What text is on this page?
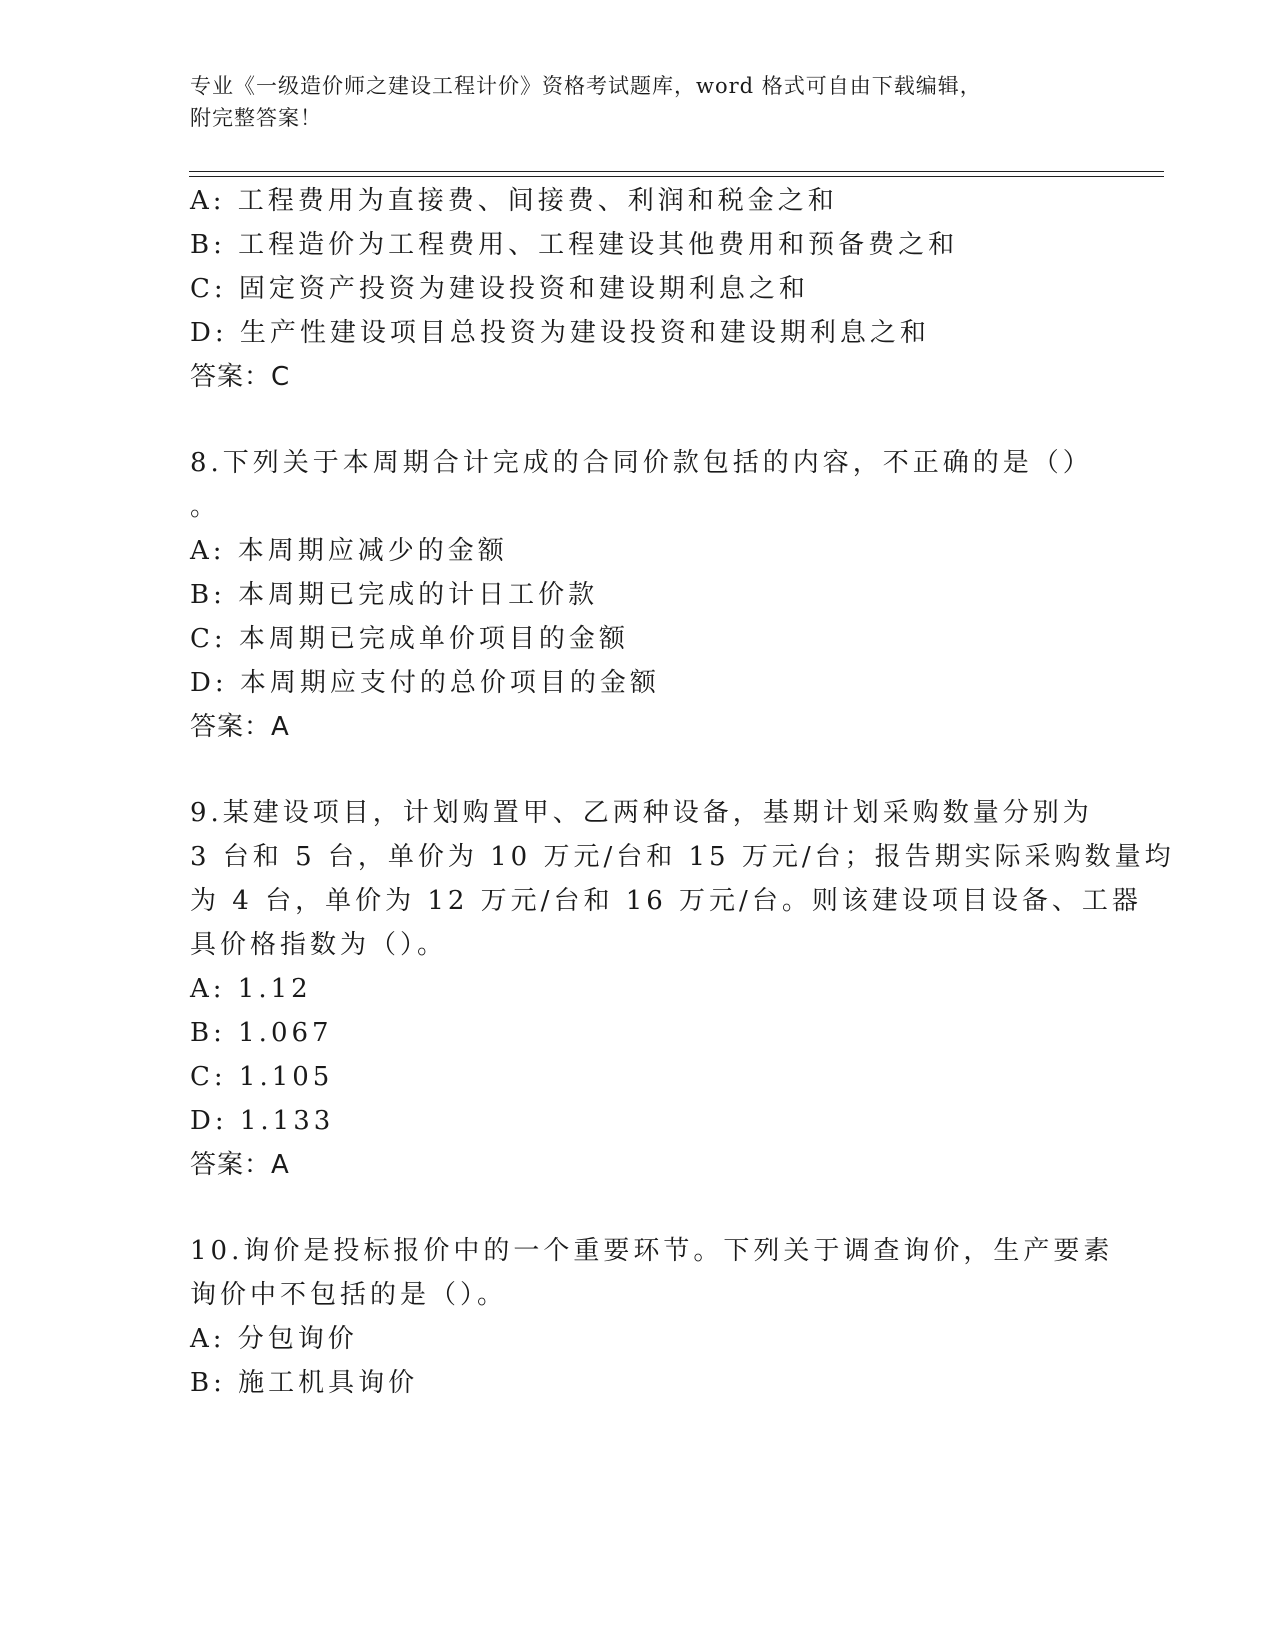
专业《一级造价师之建设工程计价》资格考试题库，word 格式可自由下载编辑，
附完整答案！
A: 工程费用为直接费、间接费、利润和税金之和
B: 工程造价为工程费用、工程建设其他费用和预备费之和
C: 固定资产投资为建设投资和建设期利息之和
D: 生产性建设项目总投资为建设投资和建设期利息之和
答案：C
8.下列关于本周期合计完成的合同价款包括的内容，不正确的是（）
。
A: 本周期应减少的金额
B: 本周期已完成的计日工价款
C: 本周期已完成单价项目的金额
D: 本周期应支付的总价项目的金额
答案：A
9.某建设项目，计划购置甲、乙两种设备，基期计划采购数量分别为
3 台和 5 台，单价为 10 万元/台和 15 万元/台；报告期实际采购数量均
为 4 台，单价为 12 万元/台和 16 万元/台。则该建设项目设备、工器
具价格指数为（）。
A: 1.12
B: 1.067
C: 1.105
D: 1.133
答案：A
10.询价是投标报价中的一个重要环节。下列关于调查询价，生产要素
询价中不包括的是（）。
A: 分包询价
B: 施工机具询价
